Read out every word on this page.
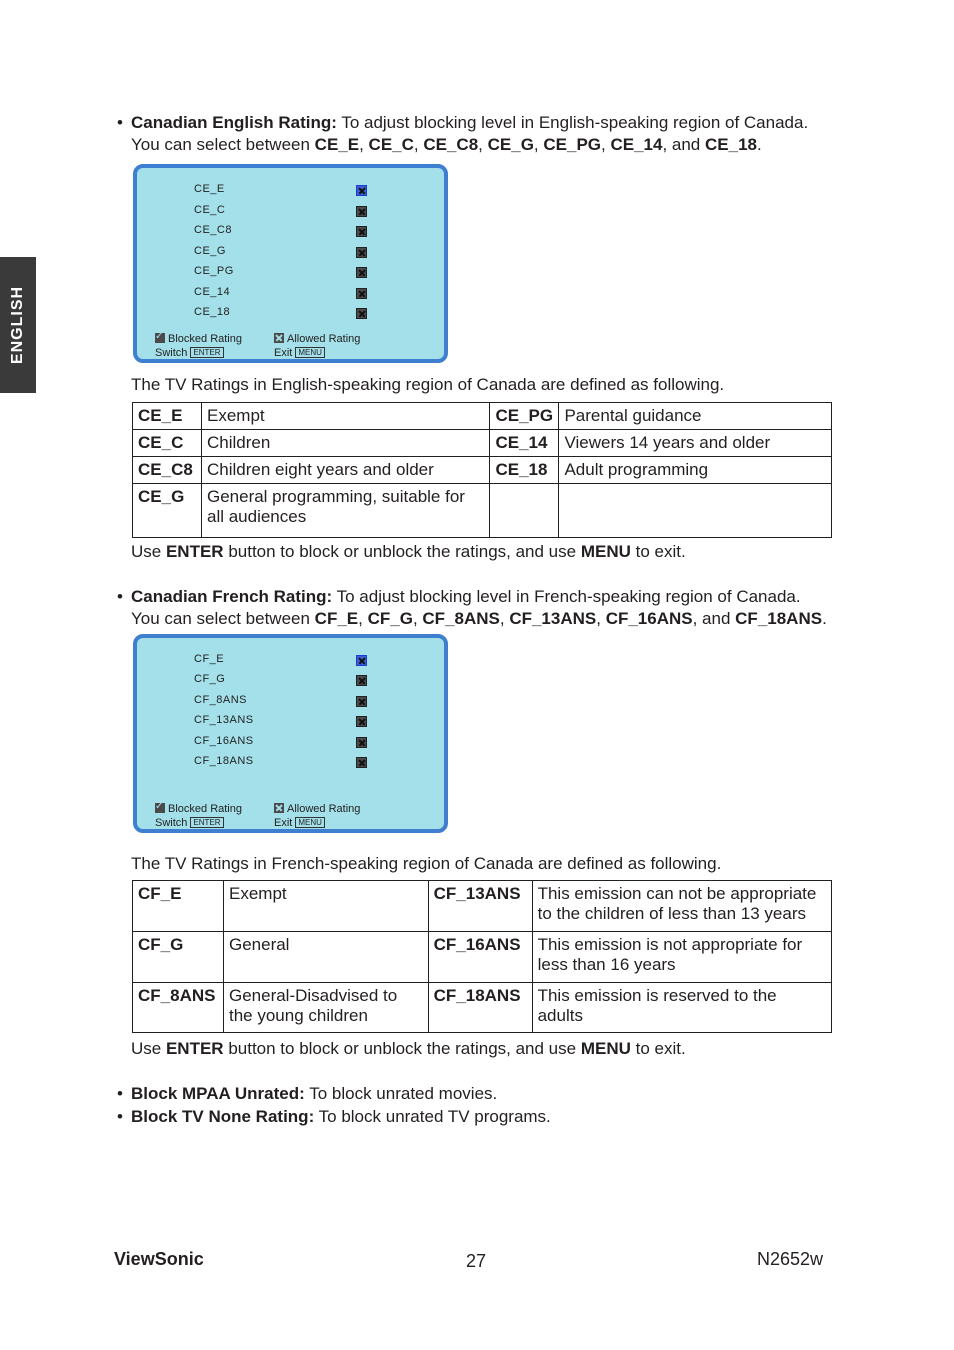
ENGLISH
• Canadian English Rating: To adjust blocking level in English-speaking region of Canada.
You can select between CE_E, CE_C, CE_C8, CE_G, CE_PG, CE_14, and CE_18.
CE_E
CE_C
CE_C8
CE_G
CE_PG
CE_14
CE_18
✓Blocked Rating
Switch ENTER
Allowed Rating
Exit MENU
The TV Ratings in English-speaking region of Canada are defined as following.
CE_E	Exempt	CE_PG	Parental guidance
CE_C	Children	CE_14	Viewers 14 years and older
CE_C8	Children eight years and older	CE_18	Adult programming
CE_G	General programming, suitable for all audiences		
Use ENTER button to block or unblock the ratings, and use MENU to exit.
• Canadian French Rating: To adjust blocking level in French-speaking region of Canada.
You can select between CF_E, CF_G, CF_8ANS, CF_13ANS, CF_16ANS, and CF_18ANS.
CF_E
CF_G
CF_8ANS
CF_13ANS
CF_16ANS
CF_18ANS
✓Blocked Rating
Switch ENTER
Allowed Rating
Exit MENU
The TV Ratings in French-speaking region of Canada are defined as following.
CF_E	Exempt	CF_13ANS	This emission can not be appropriate to the children of less than 13 years
CF_G	General	CF_16ANS	This emission is not appropriate for less than 16 years
CF_8ANS	General-Disadvised to the young children	CF_18ANS	This emission is reserved to the adults
Use ENTER button to block or unblock the ratings, and use MENU to exit.
• Block MPAA Unrated: To block unrated movies.
• Block TV None Rating: To block unrated TV programs.
ViewSonic	27	N2652w
